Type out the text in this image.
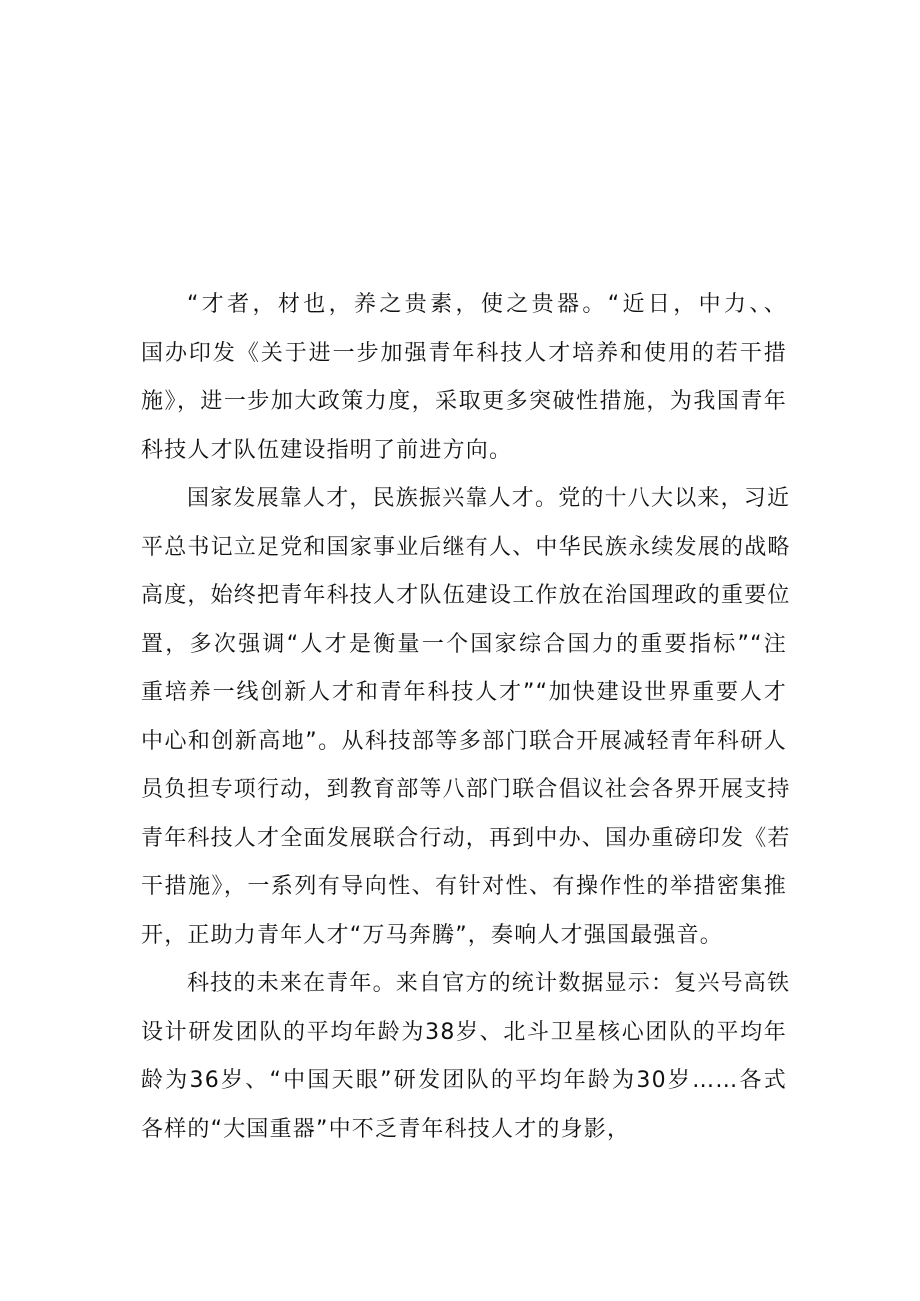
“才者，材也，养之贵素，使之贵器。“近日，中力、、
国办印发《关于进一步加强青年科技人才培养和使用的若干措
施》，进一步加大政策力度，采取更多突破性措施，为我国青年
科技人才队伍建设指明了前进方向。
国家发展靠人才，民族振兴靠人才。党的十八大以来，习近
平总书记立足党和国家事业后继有人、中华民族永续发展的战略
高度，始终把青年科技人才队伍建设工作放在治国理政的重要位
置，多次强调“人才是衡量一个国家综合国力的重要指标”“注
重培养一线创新人才和青年科技人才”“加快建设世界重要人才
中心和创新高地”。从科技部等多部门联合开展减轻青年科研人
员负担专项行动，到教育部等八部门联合倡议社会各界开展支持
青年科技人才全面发展联合行动，再到中办、国办重磅印发《若
干措施》，一系列有导向性、有针对性、有操作性的举措密集推
开，正助力青年人才“万马奔腾”，奏响人才强国最强音。
科技的未来在青年。来自官方的统计数据显示：复兴号高铁
设计研发团队的平均年龄为38岁、北斗卫星核心团队的平均年
龄为36岁、“中国天眼”研发团队的平均年龄为30岁……各式
各样的“大国重器”中不乏青年科技人才的身影，
